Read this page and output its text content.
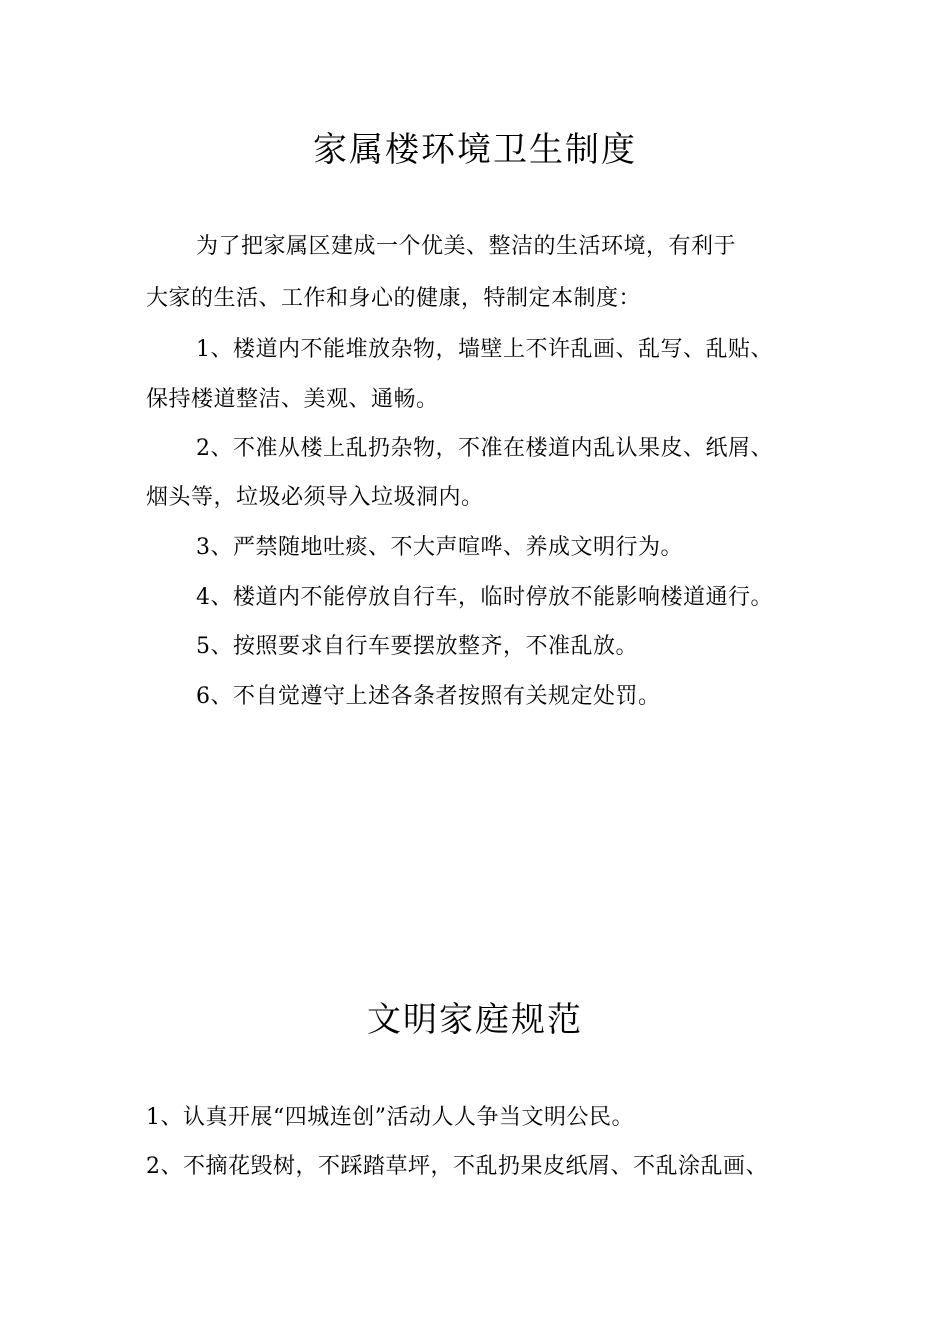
家属楼环境卫生制度
为了把家属区建成一个优美、整洁的生活环境，有利于
大家的生活、工作和身心的健康，特制定本制度：
1、楼道内不能堆放杂物，墙壁上不许乱画、乱写、乱贴、
保持楼道整洁、美观、通畅。
2、不准从楼上乱扔杂物，不准在楼道内乱认果皮、纸屑、
烟头等，垃圾必须导入垃圾洞内。
3、严禁随地吐痰、不大声喧哗、养成文明行为。
4、楼道内不能停放自行车，临时停放不能影响楼道通行。
5、按照要求自行车要摆放整齐，不准乱放。
6、不自觉遵守上述各条者按照有关规定处罚。
文明家庭规范
1、认真开展“四城连创”活动人人争当文明公民。
2、不摘花毁树，不踩踏草坪，不乱扔果皮纸屑、不乱涂乱画、
